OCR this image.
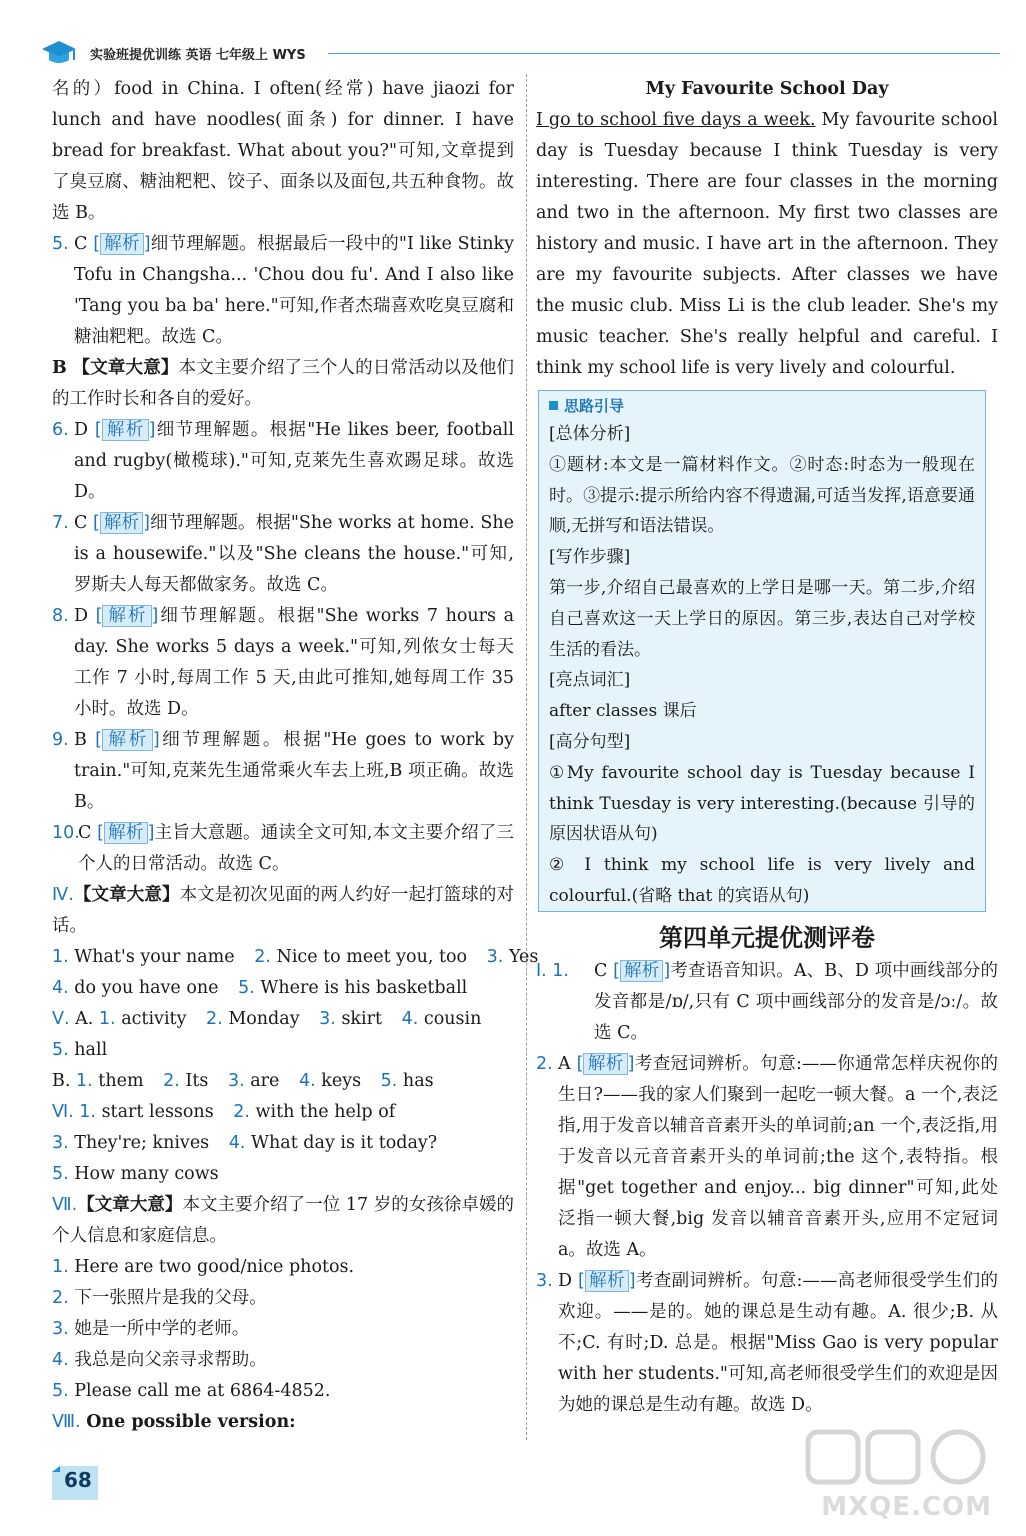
实验班提优训练 英语 七年级上 WYS

名的）food in China. I often(经常) have jiaozi for lunch and have noodles(面条) for dinner. I have bread for breakfast. What about you?"可知,文章提到了臭豆腐、糖油粑粑、饺子、面条以及面包,共五种食物。故选 B。

5. C [ 解析 ]细节理解题。根据最后一段中的"I like Stinky Tofu in Changsha... 'Chou dou fu'. And I also like 'Tang you ba ba' here."可知,作者杰瑞喜欢吃臭豆腐和糖油粑粑。故选 C。

B 【文章大意】本文主要介绍了三个人的日常活动以及他们的工作时长和各自的爱好。

6. D [ 解析 ]细节理解题。根据"He likes beer, football and rugby(橄榄球)."可知,克莱先生喜欢踢足球。故选 D。
7. C [ 解析 ]细节理解题。根据"She works at home. She is a housewife."以及"She cleans the house."可知,罗斯夫人每天都做家务。故选 C。
8. D [ 解析 ]细节理解题。根据"She works 7 hours a day. She works 5 days a week."可知,列侬女士每天工作 7 小时,每周工作 5 天,由此可推知,她每周工作 35 小时。故选 D。
9. B [ 解析 ]细节理解题。根据"He goes to work by train."可知,克莱先生通常乘火车去上班,B 项正确。故选 B。
10.
C [ 解析 ]主旨大意题。通读全文可知,本文主要介绍了三个人的日常活动。故选 C。

Ⅳ.【文章大意】本文是初次见面的两人约好一起打篮球的对话。

1. What's your name 2. Nice to meet you, too 3. Yes
4. do you have one 5. Where is his basketball
Ⅴ. A. 1. activity 2. Monday 3. skirt 4. cousin
5. hall
B. 1. them 2. Its 3. are 4. keys 5. has
Ⅵ. 1. start lessons 2. with the help of
3. They're; knives 4. What day is it today?
5. How many cows

Ⅶ.【文章大意】本文主要介绍了一位 17 岁的女孩徐卓媛的个人信息和家庭信息。

1. Here are two good/nice photos.
2. 下一张照片是我的父母。
3. 她是一所中学的老师。
4. 我总是向父亲寻求帮助。
5. Please call me at 6864-4852.
Ⅷ. One possible version:

My Favourite School Day

I go to school five days a week. My favourite school day is Tuesday because I think Tuesday is very interesting. There are four classes in the morning and two in the afternoon. My first two classes are history and music. I have art in the afternoon. They are my favourite subjects. After classes we have the music club. Miss Li is the club leader. She's my music teacher. She's really helpful and careful. I think my school life is very lively and colourful.

思路引导

[总体分析]

①题材:本文是一篇材料作文。②时态:时态为一般现在时。③提示:提示所给内容不得遗漏,可适当发挥,语意要通顺,无拼写和语法错误。

[写作步骤]

第一步,介绍自己最喜欢的上学日是哪一天。第二步,介绍自己喜欢这一天上学日的原因。第三步,表达自己对学校生活的看法。

[亮点词汇]

after classes 课后

[高分句型]

①My favourite school day is Tuesday because I think Tuesday is very interesting.(because 引导的原因状语从句)

② I think my school life is very lively and colourful.(省略 that 的宾语从句)

第四单元提优测评卷
Ⅰ. 1. C [ 解析 ]考查语音知识。A、B、D 项中画线部分的发音都是/ɒ/,只有 C 项中画线部分的发音是/ɔː/。故选 C。
2. A [ 解析 ]考查冠词辨析。句意:——你通常怎样庆祝你的生日?——我的家人们聚到一起吃一顿大餐。a 一个,表泛指,用于发音以辅音音素开头的单词前;an 一个,表泛指,用于发音以元音音素开头的单词前;the 这个,表特指。根据"get together and enjoy... big dinner"可知,此处泛指一顿大餐,big 发音以辅音音素开头,应用不定冠词 a。故选 A。
3. D [ 解析 ]考查副词辨析。句意:——高老师很受学生们的欢迎。——是的。她的课总是生动有趣。A. 很少;B. 从不;C. 有时;D. 总是。根据"Miss Gao is very popular with her students."可知,高老师很受学生们的欢迎是因为她的课总是生动有趣。故选 D。
68
MXQE.COM
